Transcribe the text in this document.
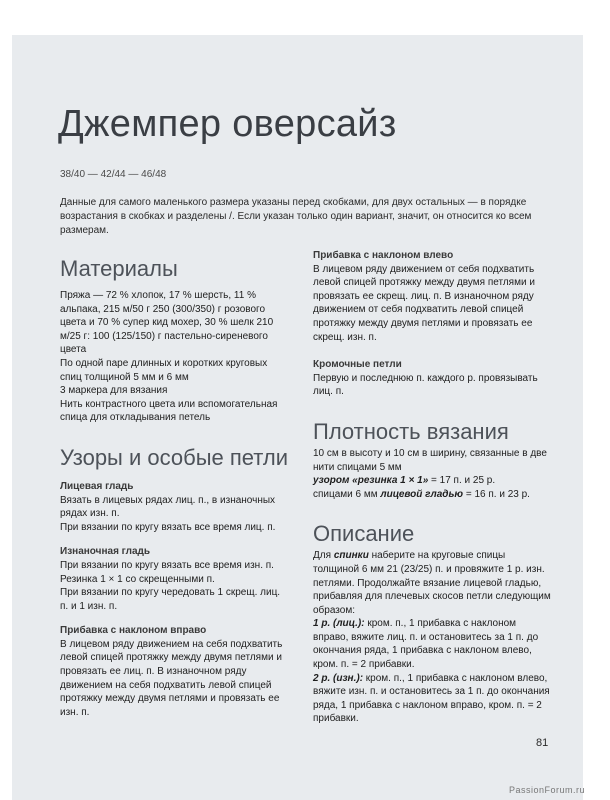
Джемпер оверсайз
38/40 — 42/44 — 46/48

Данные для самого маленького размера указаны перед скобками, для двух остальных — в порядке возрастания в скобках и разделены /. Если указан только один вариант, значит, он относится ко всем размерам.

Материалы

Пряжа — 72 % хлопок, 17 % шерсть, 11 % альпака, 215 м/50 г 250 (300/350) г розового цвета и 70 % супер кид мохер, 30 % шелк 210 м/25 г: 100 (125/150) г пастельно-сиреневого цвета

По одной паре длинных и коротких круговых спиц толщиной 5 мм и 6 мм

3 маркера для вязания

Нить контрастного цвета или вспомогательная спица для откладывания петель

Узоры и особые петли
Лицевая гладь

Вязать в лицевых рядах лиц. п., в изнаночных рядах изн. п.

При вязании по кругу вязать все время лиц. п.

Изнаночная гладь

При вязании по кругу вязать все время изн. п.

Резинка 1 × 1 со скрещенными п.

При вязании по кругу чередовать 1 скрещ. лиц. п. и 1 изн. п.

Прибавка с наклоном вправо

В лицевом ряду движением на себя подхватить левой спицей протяжку между двумя петлями и провязать ее лиц. п. В изнаночном ряду движением на себя подхватить левой спицей протяжку между двумя петлями и провязать ее изн. п.

Прибавка с наклоном влево

В лицевом ряду движением от себя подхватить левой спицей протяжку между двумя петлями и провязать ее скрещ. лиц. п. В изнаночном ряду движением от себя подхватить левой спицей протяжку между двумя петлями и провязать ее скрещ. изн. п.

Кромочные петли

Первую и последнюю п. каждого р. провязывать лиц. п.

Плотность вязания

10 см в высоту и 10 см в ширину, связанные в две нити спицами 5 мм

узором «резинка 1 × 1» = 17 п. и 25 р.

спицами 6 мм лицевой гладью = 16 п. и 23 р.

Описание

Для спинки наберите на круговые спицы толщиной 6 мм 21 (23/25) п. и провяжите 1 р. изн. петлями. Продолжайте вязание лицевой гладью, прибавляя для плечевых скосов петли следующим образом:

1 р. (лиц.): кром. п., 1 прибавка с наклоном вправо, вяжите лиц. п. и остановитесь за 1 п. до окончания ряда, 1 прибавка с наклоном влево, кром. п. = 2 прибавки.

2 р. (изн.): кром. п., 1 прибавка с наклоном влево, вяжите изн. п. и остановитесь за 1 п. до окончания ряда, 1 прибавка с наклоном вправо, кром. п. = 2 прибавки.

81
PassionForum.ru
